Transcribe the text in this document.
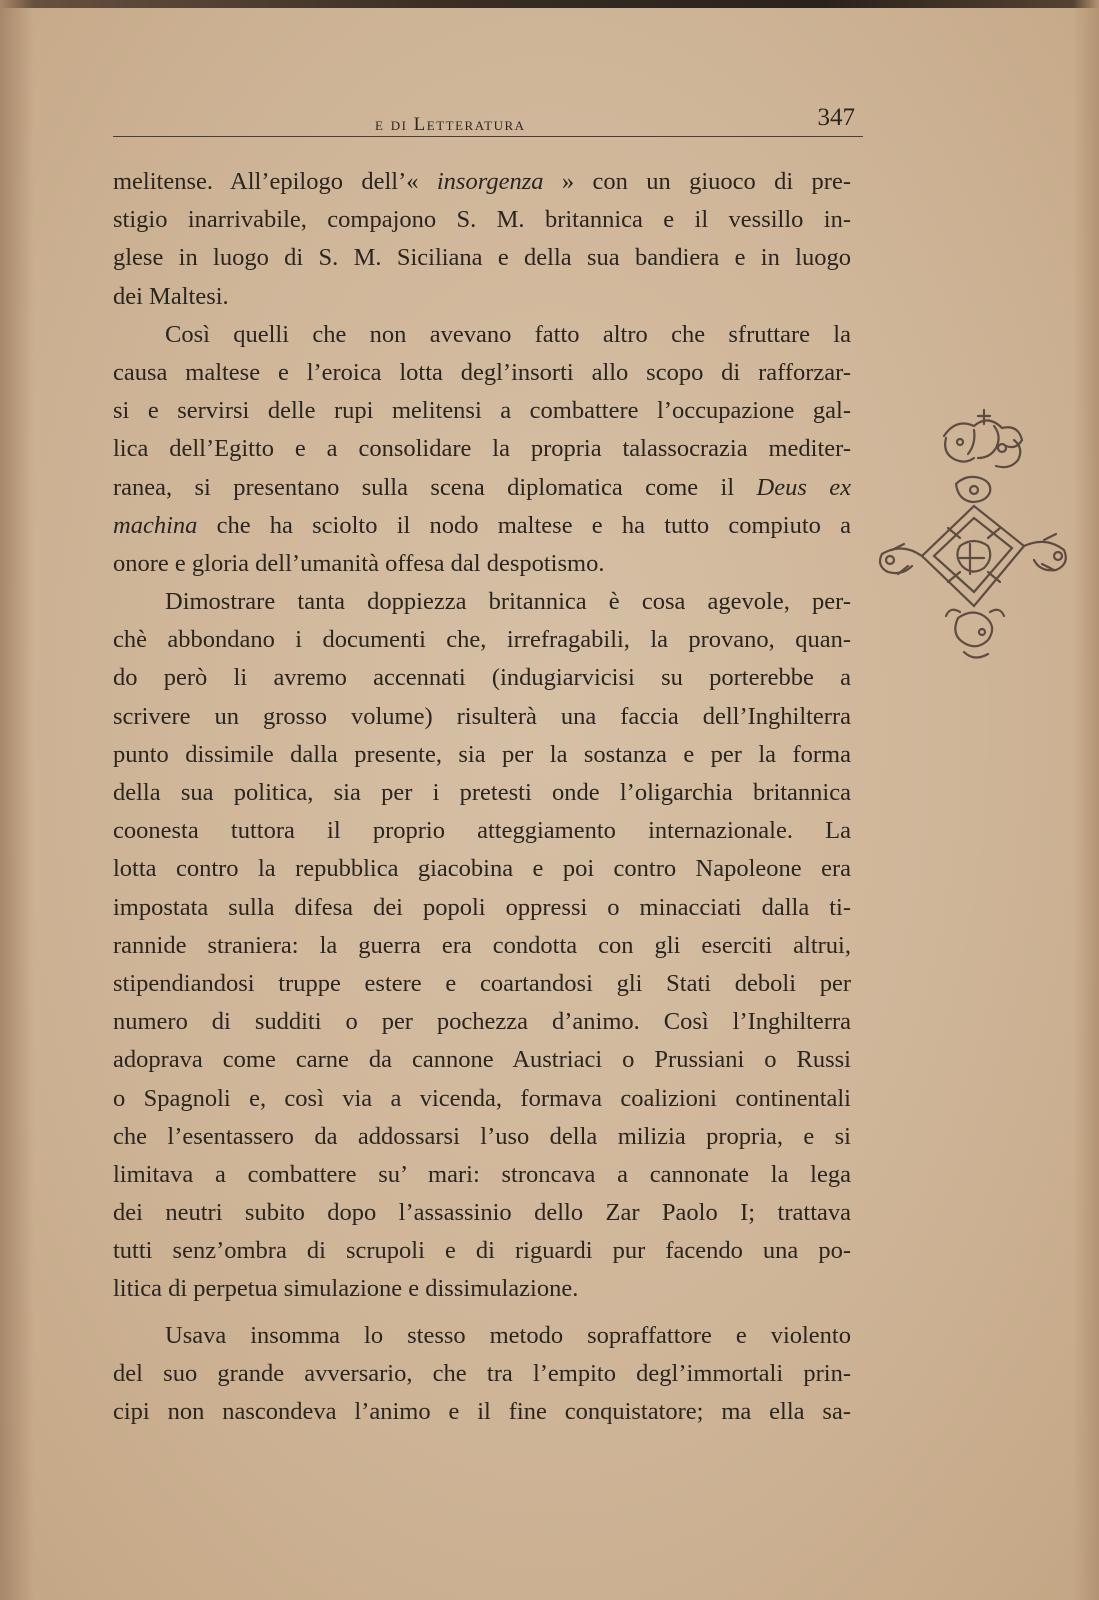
e di Letteratura	347
melitense. All’epilogo dell’« insorgenza » con un giuoco di pre-
stigio inarrivabile, compajono S. M. britannica e il vessillo in-
glese in luogo di S. M. Siciliana e della sua bandiera e in luogo
dei Maltesi.
Così quelli che non avevano fatto altro che sfruttare la
causa maltese e l’eroica lotta degl’insorti allo scopo di rafforzar-
si e servirsi delle rupi melitensi a combattere l’occupazione gal-
lica dell’Egitto e a consolidare la propria talassocrazia mediter-
ranea, si presentano sulla scena diplomatica come il Deus ex
machina che ha sciolto il nodo maltese e ha tutto compiuto a
onore e gloria dell’umanità offesa dal despotismo.
Dimostrare tanta doppiezza britannica è cosa agevole, per-
chè abbondano i documenti che, irrefragabili, la provano, quan-
do però li avremo accennati (indugiarvicisi su porterebbe a
scrivere un grosso volume) risulterà una faccia dell’Inghilterra
punto dissimile dalla presente, sia per la sostanza e per la forma
della sua politica, sia per i pretesti onde l’oligarchia britannica
coonesta tuttora il proprio atteggiamento internazionale. La
lotta contro la repubblica giacobina e poi contro Napoleone era
impostata sulla difesa dei popoli oppressi o minacciati dalla ti-
rannide straniera: la guerra era condotta con gli eserciti altrui,
stipendiandosi truppe estere e coartandosi gli Stati deboli per
numero di sudditi o per pochezza d’animo. Così l’Inghilterra
adoprava come carne da cannone Austriaci o Prussiani o Russi
o Spagnoli e, così via a vicenda, formava coalizioni continentali
che l’esentassero da addossarsi l’uso della milizia propria, e si
limitava a combattere su’ mari: stroncava a cannonate la lega
dei neutri subito dopo l’assassinio dello Zar Paolo I; trattava
tutti senz’ombra di scrupoli e di riguardi pur facendo una po-
litica di perpetua simulazione e dissimulazione.
Usava insomma lo stesso metodo sopraffattore e violento
del suo grande avversario, che tra l’empito degl’immortali prin-
cipi non nascondeva l’animo e il fine conquistatore; ma ella sa-
